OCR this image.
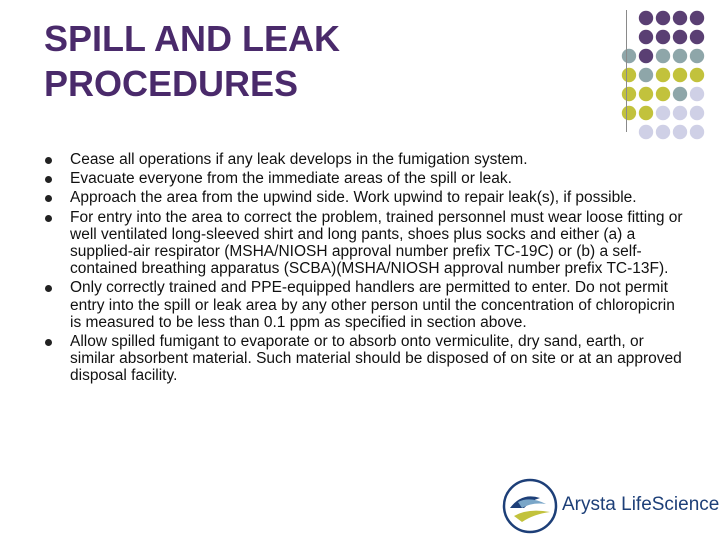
SPILL AND LEAK
PROCEDURES
Cease all operations if any leak develops in the fumigation system.
Evacuate everyone from the immediate areas of the spill or leak.
Approach the area from the upwind side. Work upwind to repair leak(s), if possible.
For entry into the area to correct the problem, trained personnel must wear loose fitting or well ventilated long-sleeved shirt and long pants, shoes plus socks and either (a) a supplied-air respirator (MSHA/NIOSH approval number prefix TC-19C) or (b) a self-contained breathing apparatus (SCBA)(MSHA/NIOSH approval number prefix TC-13F).
Only correctly trained and PPE-equipped handlers are permitted to enter. Do not permit entry into the spill or leak area by any other person until the concentration of chloropicrin is measured to be less than 0.1 ppm as specified in section above.
Allow spilled fumigant to evaporate or to absorb onto vermiculite, dry sand, earth, or similar absorbent material. Such material should be disposed of on site or at an approved disposal facility.
Arysta LifeScience
